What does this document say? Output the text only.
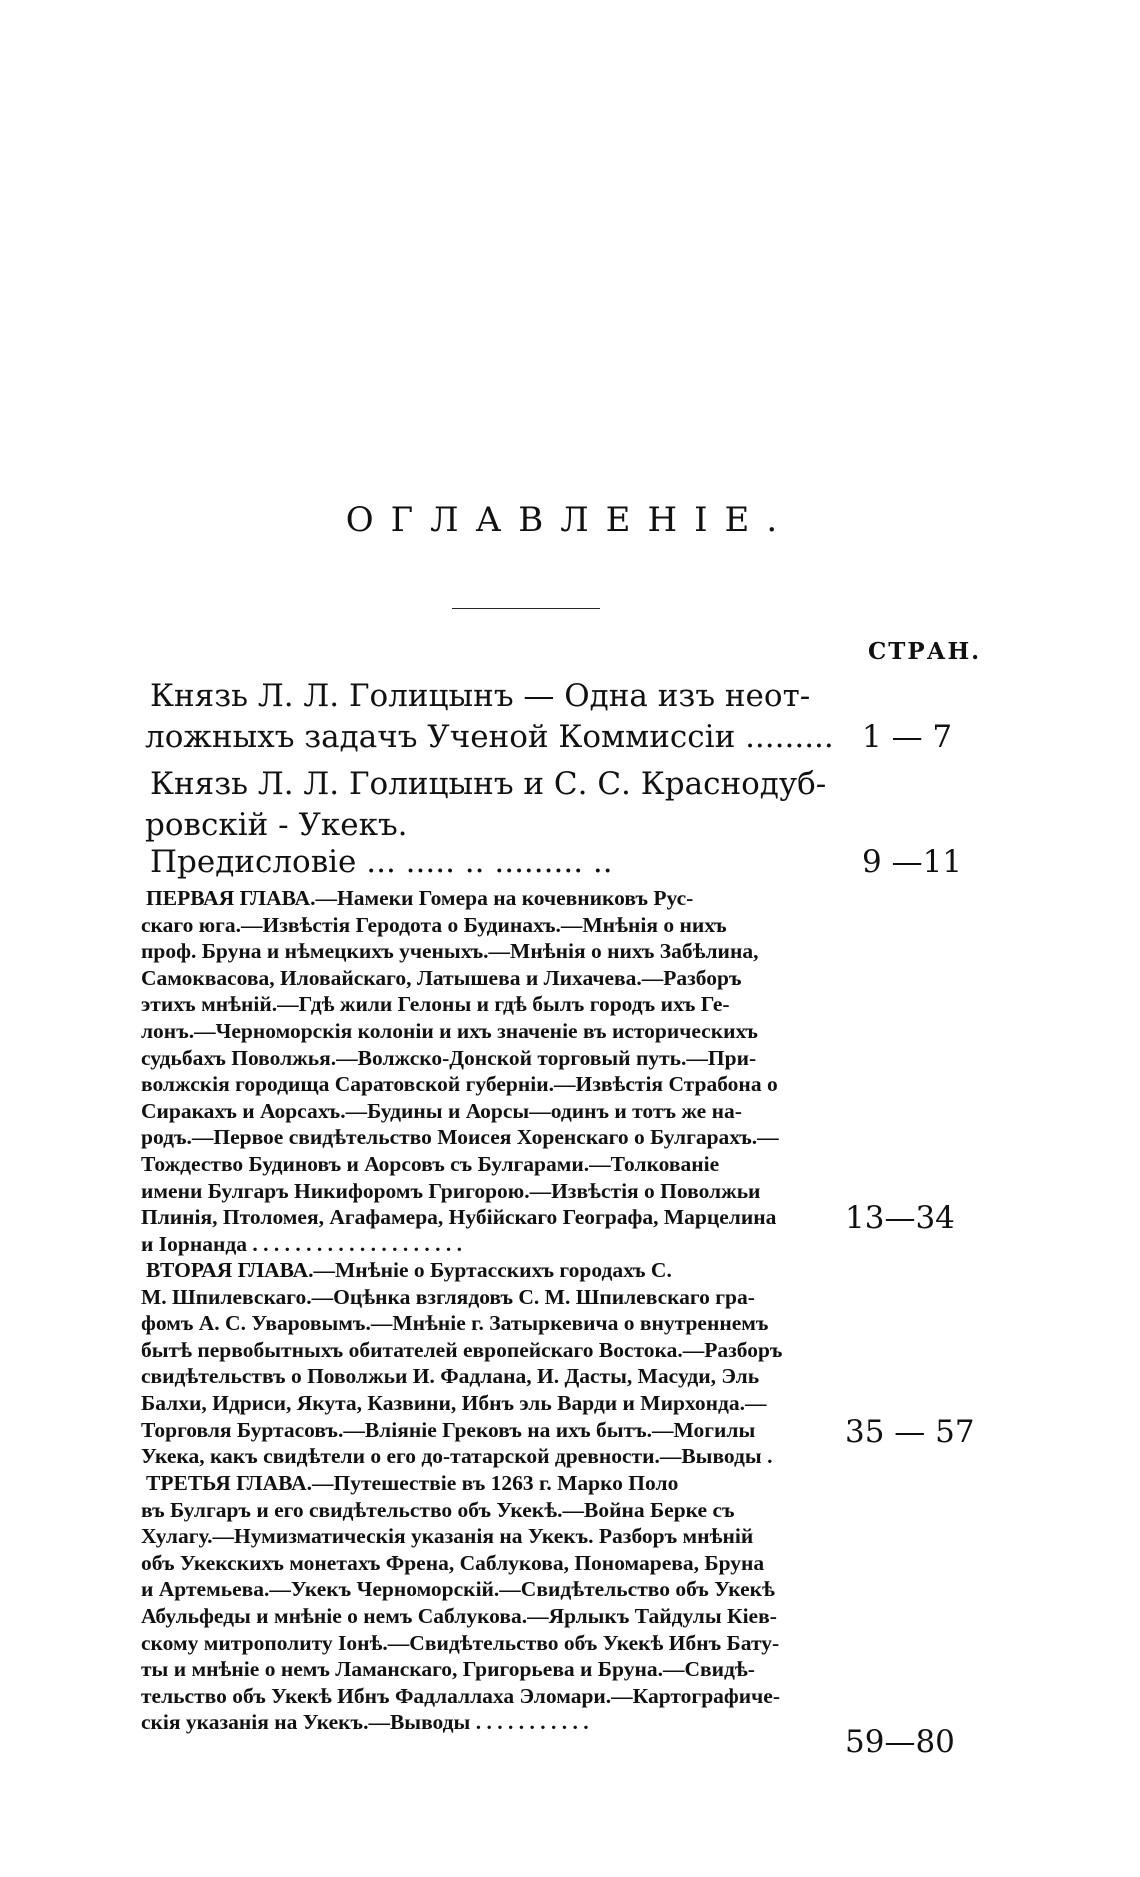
ОГЛАВЛЕНІЕ.
СТРАН.
Князь Л. Л. Голицынъ — Одна изъ неот-
ложныхъ задачъ Ученой Коммиссіи ......... 1 — 7
Князь Л. Л. Голицынъ и С. С. Краснодуб-
ровскій - Укекъ.
Предисловіе ... ..... .. ......... ..	9 —11
ПЕРВАЯ ГЛАВА.—Намеки Гомера на кочевниковъ Рус-
скаго юга.—Извѣстія Геродота о Будинахъ.—Мнѣнія о нихъ
проф. Бруна и нѣмецкихъ ученыхъ.—Мнѣнія о нихъ Забѣлина,
Самоквасова, Иловайскаго, Латышева и Лихачева.—Разборъ
этихъ мнѣній.—Гдѣ жили Гелоны и гдѣ былъ городъ ихъ Ге-
лонъ.—Черноморскія колоніи и ихъ значеніе въ историческихъ
судьбахъ Поволжья.—Волжско-Донской торговый путь.—При-
волжскія городища Саратовской губерніи.—Извѣстія Страбона о
Сиракахъ и Аорсахъ.—Будины и Аорсы—одинъ и тотъ же на-
родъ.—Первое свидѣтельство Моисея Хоренскаго о Булгарахъ.—
Тождество Будиновъ и Аорсовъ съ Булгарами.—Толкованіе
имени Булгаръ Никифоромъ Григорою.—Извѣстія о Поволжьи
Плинія, Птоломея, Агафамера, Нубійскаго Географа, Марцелина
и Іорнанда . . . . . . . . . . . . . . . . . . . .
13—34
ВТОРАЯ ГЛАВА.—Мнѣніе о Буртасскихъ городахъ С.
М. Шпилевскаго.—Оцѣнка взглядовъ С. М. Шпилевскаго гра-
фомъ А. С. Уваровымъ.—Мнѣніе г. Затыркевича о внутреннемъ
бытѣ первобытныхъ обитателей европейскаго Востока.—Разборъ
свидѣтельствъ о Поволжьи И. Фадлана, И. Дасты, Масуди, Эль
Балхи, Идриси, Якута, Казвини, Ибнъ эль Варди и Мирхонда.—
Торговля Буртасовъ.—Вліяніе Грековъ на ихъ бытъ.—Могилы
Укека, какъ свидѣтели о его до-татарской древности.—Выводы .
35 — 57
ТРЕТЬЯ ГЛАВА.—Путешествіе въ 1263 г. Марко Поло
въ Булгаръ и его свидѣтельство объ Укекѣ.—Война Берке съ
Хулагу.—Нумизматическія указанія на Укекъ. Разборъ мнѣній
объ Укекскихъ монетахъ Френа, Саблукова, Пономарева, Бруна
и Артемьева.—Укекъ Черноморскій.—Свидѣтельство объ Укекѣ
Абульфеды и мнѣніе о немъ Саблукова.—Ярлыкъ Тайдулы Кіев-
скому митрополиту Іонѣ.—Свидѣтельство объ Укекѣ Ибнъ Бату-
ты и мнѣніе о немъ Ламанскаго, Григорьева и Бруна.—Свидѣ-
тельство объ Укекѣ Ибнъ Фадлаллаха Эломари.—Картографиче-
скія указанія на Укекъ.—Выводы . . . . . . . . . . .
59—80
